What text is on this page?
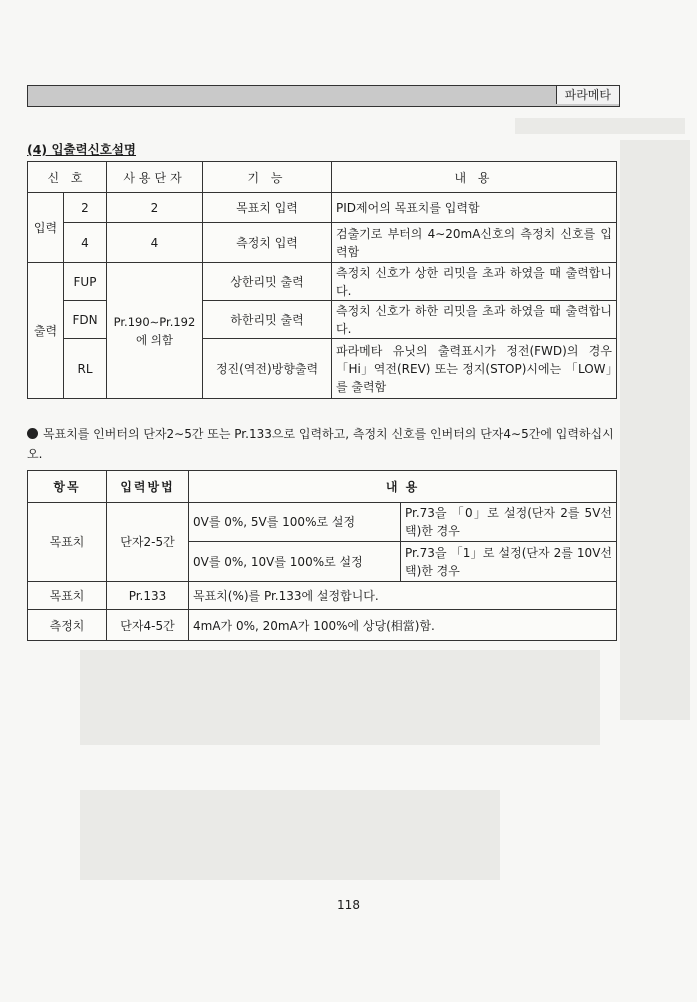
파라메타
(4) 입출력신호설명
신 호		사용단자	기 능	내 용
입력	2	2	목표치 입력	PID제어의 목표치를 입력함
	4	4	측정치 입력	검출기로 부터의 4∼20mA신호의 측정치 신호를 입력함
출력	FUP	Pr.190∼Pr.192 에 의함	상한리밋 출력	측정치 신호가 상한 리밋을 초과 하였을 때 출력합니다.
	FDN		하한리밋 출력	측정치 신호가 하한 리밋을 초과 하였을 때 출력합니다.
	RL		정진(역전)방향출력	파라메타 유닛의 출력표시가 정전(FWD)의 경우 「Hi」역전(REV) 또는 정지(STOP)시에는 「LOW」를 출력함
목표치를 인버터의 단자2∼5간 또는 Pr.133으로 입력하고, 측정치 신호를 인버터의 단자4∼5간에 입력하십시오.
항목	입력방법	내 용	
목표치	단자2-5간	0V를 0%, 5V를 100%로 설정	Pr.73을 「0」로 설정(단자 2를 5V선택)한 경우
		0V를 0%, 10V를 100%로 설정	Pr.73을 「1」로 설정(단자 2를 10V선택)한 경우
목표치	Pr.133	목표치(%)를 Pr.133에 설정합니다.	
측정치	단자4-5간	4mA가 0%, 20mA가 100%에 상당(相當)함.	
118
